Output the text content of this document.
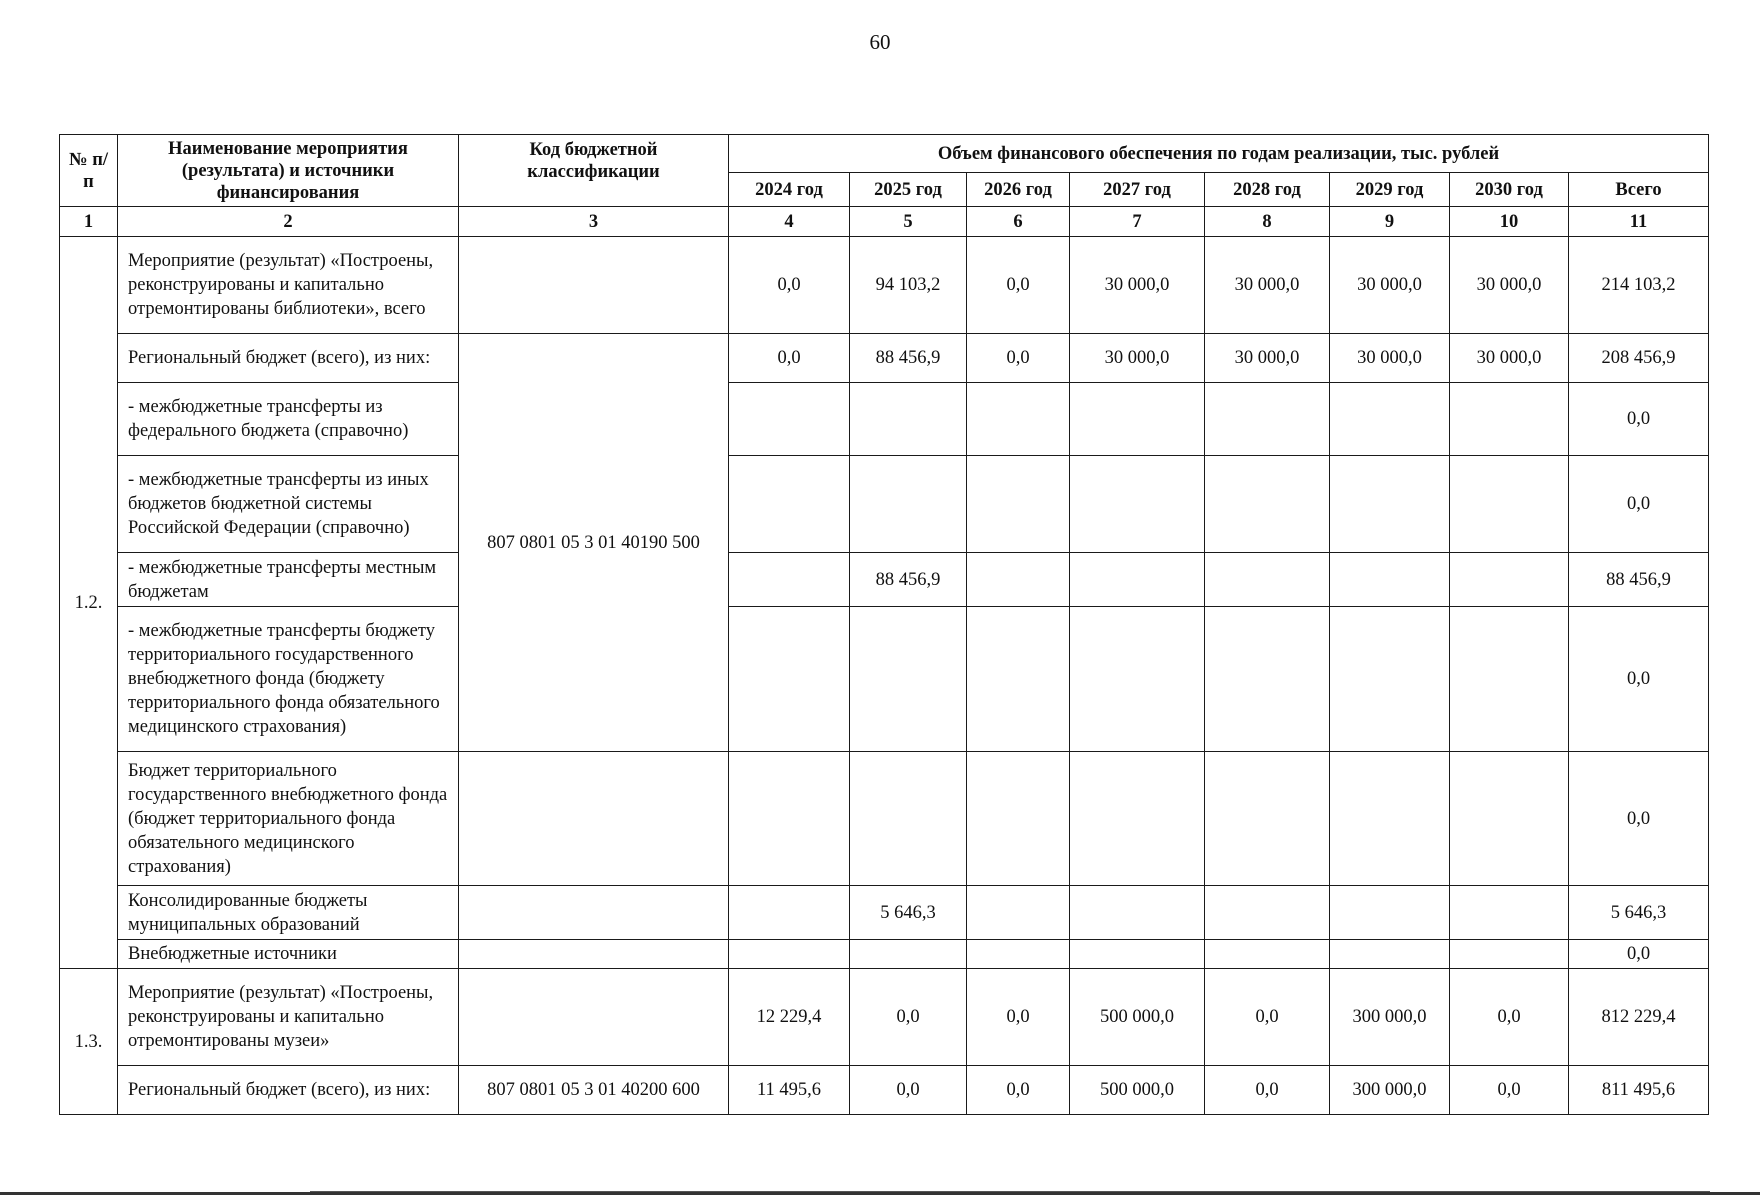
60
№ п/п	Наименование мероприятия (результата) и источники финансирования	Код бюджетной классификации	Объем финансового обеспечения по годам реализации, тыс. рублей							
			2024 год	2025 год	2026 год	2027 год	2028 год	2029 год	2030 год	Всего
1	2	3	4	5	6	7	8	9	10	11
1.2.	Мероприятие (результат) «Построены, реконструированы и капитально отремонтированы библиотеки», всего		0,0	94 103,2	0,0	30 000,0	30 000,0	30 000,0	30 000,0	214 103,2
	Региональный бюджет (всего), из них:	807 0801 05 3 01 40190 500	0,0	88 456,9	0,0	30 000,0	30 000,0	30 000,0	30 000,0	208 456,9
	- межбюджетные трансферты из федерального бюджета (справочно)									0,0
	- межбюджетные трансферты из иных бюджетов бюджетной системы Российской Федерации (справочно)									0,0
	- межбюджетные трансферты местным бюджетам			88 456,9						88 456,9
	- межбюджетные трансферты бюджету территориального государственного внебюджетного фонда (бюджету территориального фонда обязательного медицинского страхования)									0,0
	Бюджет территориального государственного внебюджетного фонда (бюджет территориального фонда обязательного медицинского страхования)									0,0
	Консолидированные бюджеты муниципальных образований			5 646,3						5 646,3
	Внебюджетные источники									0,0
1.3.	Мероприятие (результат) «Построены, реконструированы и капитально отремонтированы музеи»		12 229,4	0,0	0,0	500 000,0	0,0	300 000,0	0,0	812 229,4
	Региональный бюджет (всего), из них:	807 0801 05 3 01 40200 600	11 495,6	0,0	0,0	500 000,0	0,0	300 000,0	0,0	811 495,6
